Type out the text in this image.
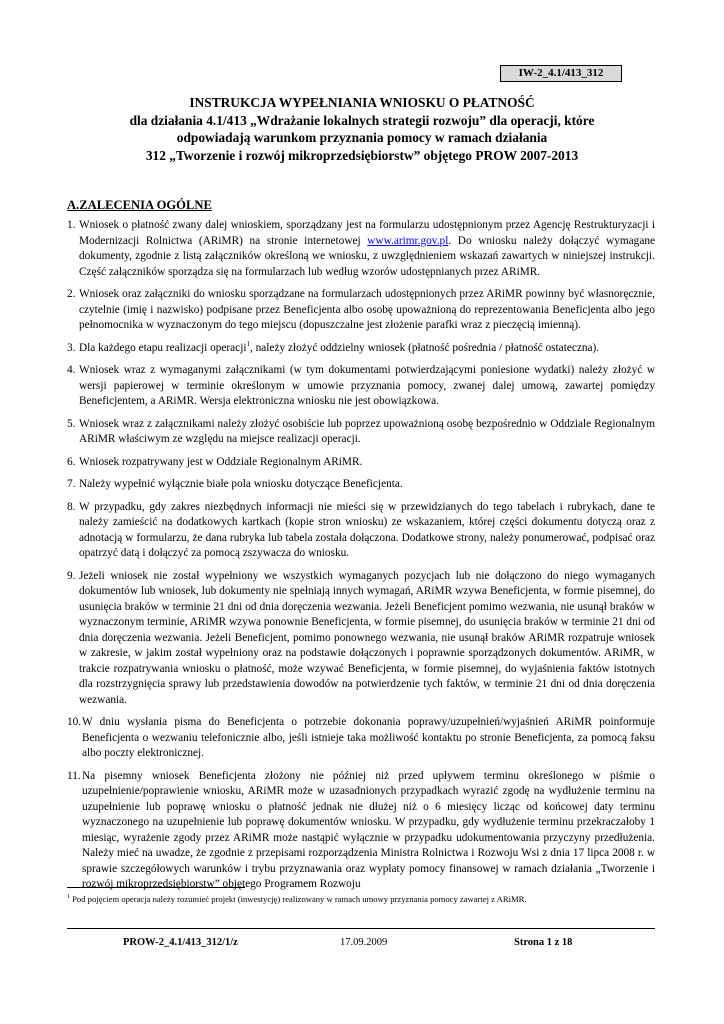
IW-2_4.1/413_312
INSTRUKCJA WYPEŁNIANIA WNIOSKU O PŁATNOŚĆ
dla działania 4.1/413 „Wdrażanie lokalnych strategii rozwoju” dla operacji, które
odpowiadają warunkom przyznania pomocy w ramach działania
312 „Tworzenie i rozwój mikroprzedsiębiorstw” objętego PROW 2007-2013
A.ZALECENIA OGÓLNE
1. Wniosek o płatność zwany dalej wnioskiem, sporządzany jest na formularzu udostępnionym przez Agencję Restrukturyzacji i Modernizacji Rolnictwa (ARiMR) na stronie internetowej www.arimr.gov.pl. Do wniosku należy dołączyć wymagane dokumenty, zgodnie z listą załączników określoną we wniosku, z uwzględnieniem wskazań zawartych w niniejszej instrukcji. Część załączników sporządza się na formularzach lub według wzorów udostępnianych przez ARiMR.
2. Wniosek oraz załączniki do wniosku sporządzane na formularzach udostępnionych przez ARiMR powinny być własnoręcznie, czytelnie (imię i nazwisko) podpisane przez Beneficjenta albo osobę upoważnioną do reprezentowania Beneficjenta albo jego pełnomocnika w wyznaczonym do tego miejscu (dopuszczalne jest złożenie parafki wraz z pieczęcią imienną).
3. Dla każdego etapu realizacji operacji$^1$, należy złożyć oddzielny wniosek (płatność pośrednia / płatność ostateczna).
4. Wniosek wraz z wymaganymi załącznikami (w tym dokumentami potwierdzającymi poniesione wydatki) należy złożyć w wersji papierowej w terminie określonym w umowie przyznania pomocy, zwanej dalej umową, zawartej pomiędzy Beneficjentem, a ARiMR. Wersja elektroniczna wniosku nie jest obowiązkowa.
5. Wniosek wraz z załącznikami należy złożyć osobiście lub poprzez upoważnioną osobę bezpośrednio w Oddziale Regionalnym ARiMR właściwym ze względu na miejsce realizacji operacji.
6. Wniosek rozpatrywany jest w Oddziale Regionalnym ARiMR.
7. Należy wypełnić wyłącznie białe pola wniosku dotyczące Beneficjenta.
8. W przypadku, gdy zakres niezbędnych informacji nie mieści się w przewidzianych do tego tabelach i rubrykach, dane te należy zamieścić na dodatkowych kartkach (kopie stron wniosku) ze wskazaniem, której części dokumentu dotyczą oraz z adnotacją w formularzu, że dana rubryka lub tabela została dołączona. Dodatkowe strony, należy ponumerować, podpisać oraz opatrzyć datą i dołączyć za pomocą zszywacza do wniosku.
9. Jeżeli wniosek nie został wypełniony we wszystkich wymaganych pozycjach lub nie dołączono do niego wymaganych dokumentów lub wniosek, lub dokumenty nie spełniają innych wymagań, ARiMR wzywa Beneficjenta, w formie pisemnej, do usunięcia braków w terminie 21 dni od dnia doręczenia wezwania. Jeżeli Beneficjent pomimo wezwania, nie usunął braków w wyznaczonym terminie, ARiMR wzywa ponownie Beneficjenta, w formie pisemnej, do usunięcia braków w terminie 21 dni od dnia doręczenia wezwania. Jeżeli Beneficjent, pomimo ponownego wezwania, nie usunął braków ARiMR rozpatruje wniosek w zakresie, w jakim został wypełniony oraz na podstawie dołączonych i poprawnie sporządzonych dokumentów. ARiMR, w trakcie rozpatrywania wniosku o płatność, może wzywać Beneficjenta, w formie pisemnej, do wyjaśnienia faktów istotnych dla rozstrzygnięcia sprawy lub przedstawienia dowodów na potwierdzenie tych faktów, w terminie 21 dni od dnia doręczenia wezwania.
10. W dniu wysłania pisma do Beneficjenta o potrzebie dokonania poprawy/uzupełnień/wyjaśnień ARiMR poinformuje Beneficjenta o wezwaniu telefonicznie albo, jeśli istnieje taka możliwość kontaktu po stronie Beneficjenta, za pomocą faksu albo poczty elektronicznej.
11. Na pisemny wniosek Beneficjenta złożony nie później niż przed upływem terminu określonego w piśmie o uzupełnienie/poprawienie wniosku, ARiMR może w uzasadnionych przypadkach wyrazić zgodę na wydłużenie terminu na uzupełnienie lub poprawę wniosku o płatność jednak nie dłużej niż o 6 miesięcy licząc od końcowej daty terminu wyznaczonego na uzupełnienie lub poprawę dokumentów wniosku. W przypadku, gdy wydłużenie terminu przekraczałoby 1 miesiąc, wyrażenie zgody przez ARiMR może nastąpić wyłącznie w przypadku udokumentowania przyczyny przedłużenia. Należy mieć na uwadze, że zgodnie z przepisami rozporządzenia Ministra Rolnictwa i Rozwoju Wsi z dnia 17 lipca 2008 r. w sprawie szczegółowych warunków i trybu przyznawania oraz wypłaty pomocy finansowej w ramach działania „Tworzenie i rozwój mikroprzedsiębiorstw” objętego Programem Rozwoju
$^1$ Pod pojęciem operacja należy rozumieć projekt (inwestycję) realizowany w ramach umowy przyznania pomocy zawartej z ARiMR.
PROW-2_4.1/413_312/1/z	17.09.2009	Strona 1 z 18
